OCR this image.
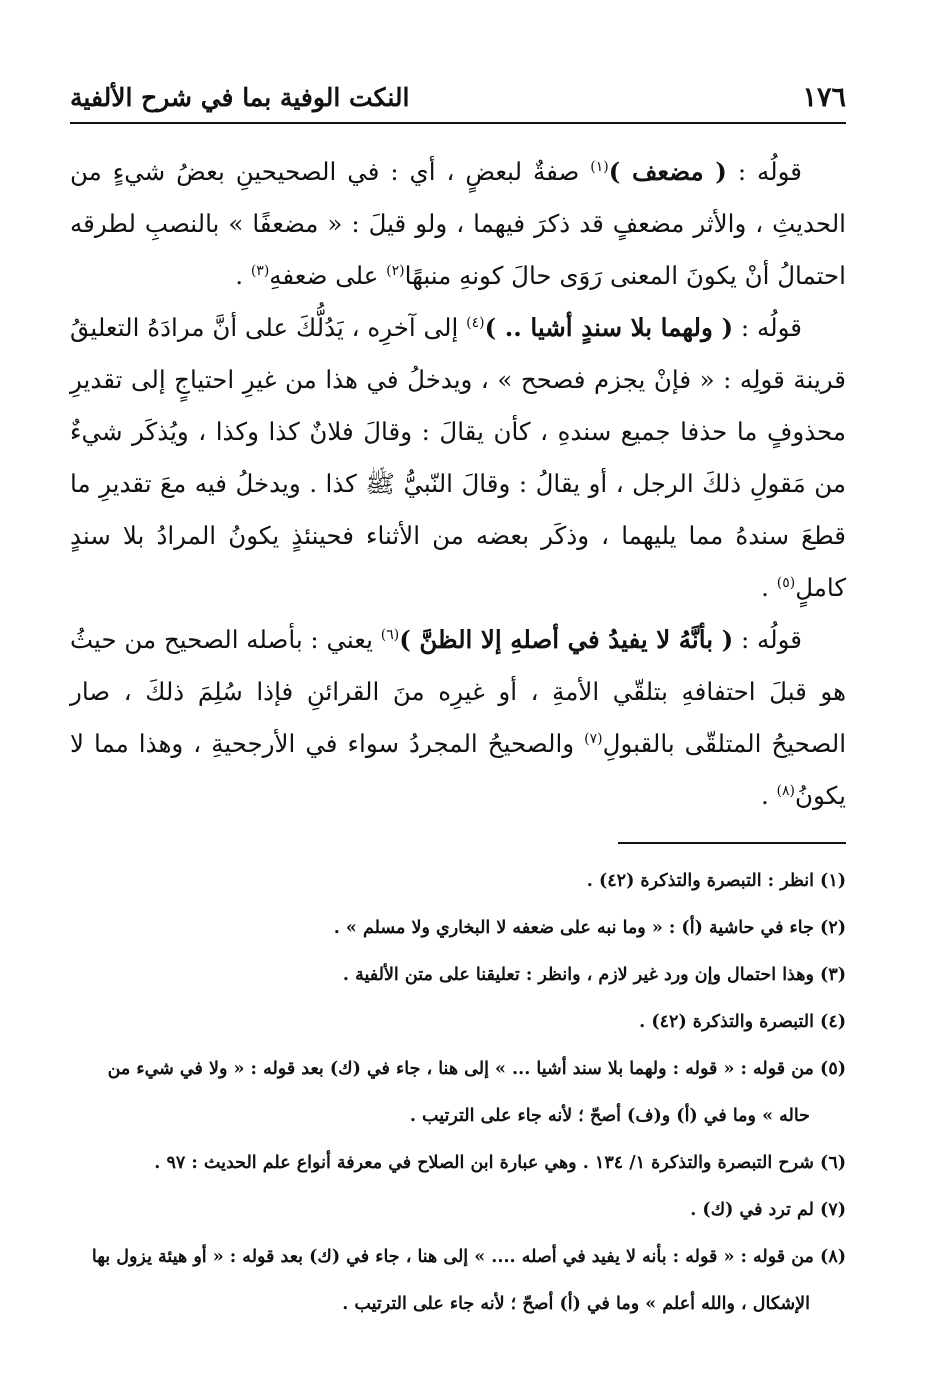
١٧٦
النكت الوفية بما في شرح الألفية

قولُه : ( مضعف )$^{(١)}$ صفةٌ لبعضٍ ، أي : في الصحيحينِ بعضُ شيءٍ من الحديثِ ، والأثر مضعفٍ قد ذكرَ فيهما ، ولو قيلَ : « مضعفًا » بالنصبِ لطرقه احتمالُ أنْ يكونَ المعنى رَوَى حالَ كونهِ منبهًا$^{(٢)}$ على ضعفهِ$^{(٣)}$ .

قولُه : ( ولهما بلا سندٍ أشيا .. )$^{(٤)}$ إلى آخرِه ، يَدُلُّكَ على أنَّ مرادَهُ التعليقُ قرينة قولِه : « فإنْ يجزم فصحح » ، ويدخلُ في هذا من غيرِ احتياجٍ إلى تقديرِ محذوفٍ ما حذفا جميع سندهِ ، كأن يقالَ : وقالَ فلانٌ كذا وكذا ، ويُذكَر شيءٌ من مَقولِ ذلكَ الرجل ، أو يقالُ : وقالَ النّبيُّ ﷺ كذا . ويدخلُ فيه معَ تقديرِ ما قطعَ سندهُ مما يليهما ، وذكَر بعضه من الأثناء فحينئذٍ يكونُ المرادُ بلا سندٍ كاملٍ$^{(٥)}$ .

قولُه : ( بأنَّهُ لا يفيدُ في أصلهِ إلا الظنَّ )$^{(٦)}$ يعني : بأصله الصحيح من حيثُ هو قبلَ احتفافهِ بتلقّي الأمةِ ، أو غيرِه منَ القرائنِ فإذا سُلِمَ ذلكَ ، صار الصحيحُ المتلقّى بالقبولِ$^{(٧)}$ والصحيحُ المجردُ سواء في الأرجحيةِ ، وهذا مما لا يكونُ$^{(٨)}$ .

(١) انظر : التبصرة والتذكرة (٤٢) .

(٢) جاء في حاشية (أ) : « وما نبه على ضعفه لا البخاري ولا مسلم » .

(٣) وهذا احتمال وإن ورد غير لازم ، وانظر : تعليقنا على متن الألفية .

(٤) التبصرة والتذكرة (٤٢) .

(٥) من قوله : « قوله : ولهما بلا سند أشيا ... » إلى هنا ، جاء في (ك) بعد قوله : « ولا في شيء من

حاله » وما في (أ) و(ف) أصحّ ؛ لأنه جاء على الترتيب .

(٦) شرح التبصرة والتذكرة ١/ ١٣٤ . وهي عبارة ابن الصلاح في معرفة أنواع علم الحديث : ٩٧ .

(٧) لم ترد في (ك) .

(٨) من قوله : « قوله : بأنه لا يفيد في أصله .... » إلى هنا ، جاء في (ك) بعد قوله : « أو هيئة يزول بها

الإشكال ، والله أعلم » وما في (أ) أصحّ ؛ لأنه جاء على الترتيب .
